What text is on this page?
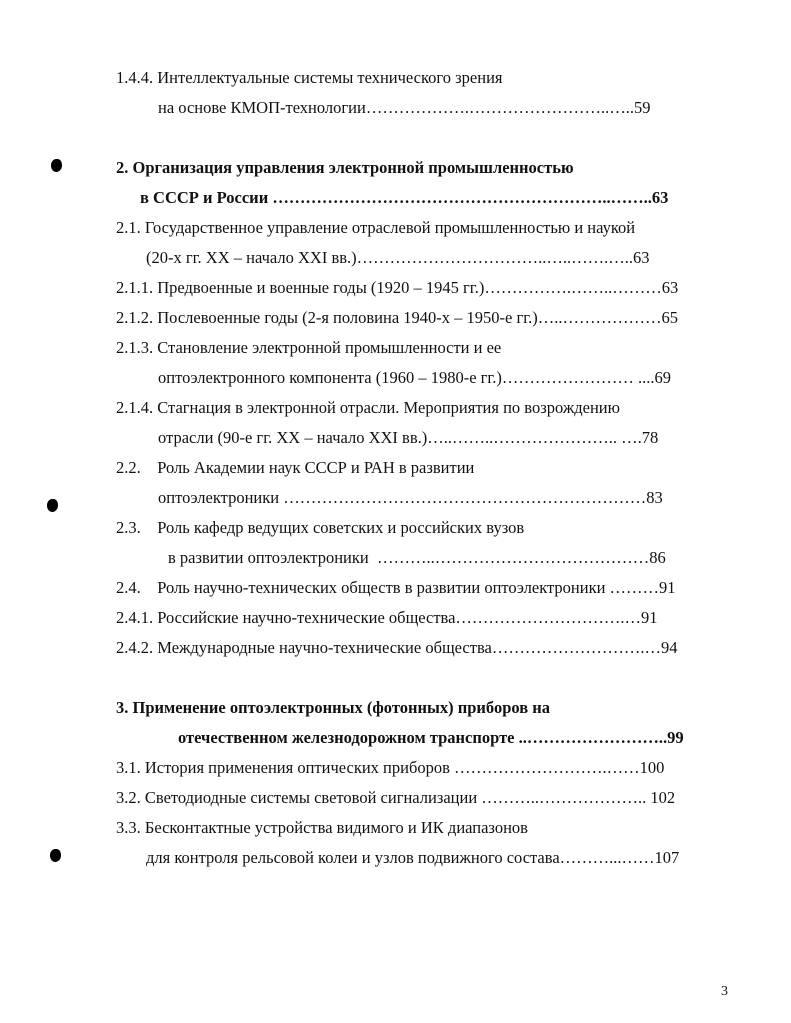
1.4.4. Интеллектуальные системы технического зрения
на основе КМОП-технологии……………….……………………..…..59
2. Организация управления электронной промышленностью
в СССР и России ……………………………………………………..……..63
2.1. Государственное управление отраслевой промышленностью и наукой
(20-х гг. XX – начало XXI вв.)……………………………..…..…….…..63
2.1.1. Предвоенные и военные годы (1920 – 1945 гг.)…………….……..………63
2.1.2. Послевоенные годы (2-я половина 1940-х – 1950-е гг.)…..………………65
2.1.3. Становление электронной промышленности и ее
оптоэлектронного компонента (1960 – 1980-е гг.)…………………… ....69
2.1.4. Стагнация в электронной отрасли. Мероприятия по возрождению
отрасли (90-е гг. XX – начало XXI вв.)…..……..………………….. ….78
2.2.    Роль Академии наук СССР и РАН в развитии
оптоэлектроники …………………………………………………………83
2.3.    Роль кафедр ведущих советских и российских вузов
в развитии оптоэлектроники  ………..…………………………………86
2.4.    Роль научно-технических обществ в развитии оптоэлектроники ………91
2.4.1. Российские научно-технические общества………………………….…91
2.4.2. Международные научно-технические общества……………………….…94
3. Применение оптоэлектронных (фотонных) приборов на
отечественном железнодорожном транспорте ..……………………..99
3.1. История применения оптических приборов ……………………….……100
3.2. Светодиодные системы световой сигнализации ………..……………….. 102
3.3. Бесконтактные устройства видимого и ИК диапазонов
для контроля рельсовой колеи и узлов подвижного состава………...……107
3
